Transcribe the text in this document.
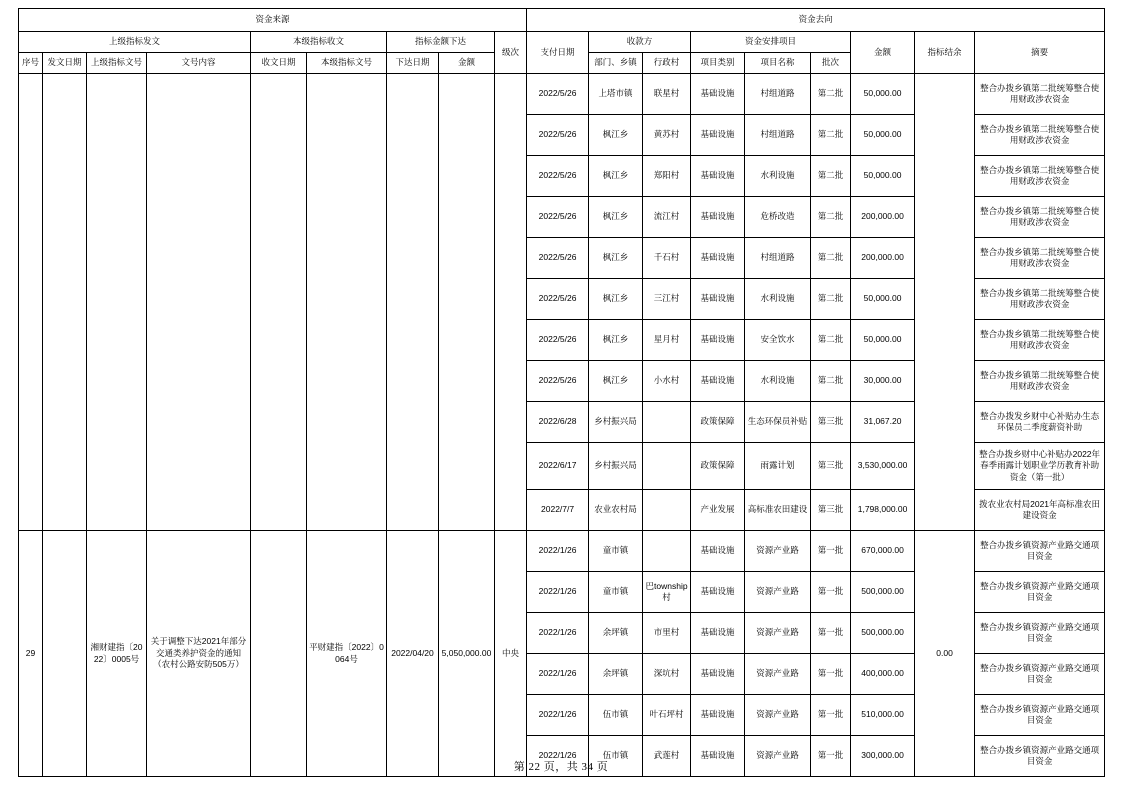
资金来源									资金去向								
上级指标发文				本级指标收文		指标金额下达		级次	支付日期	收款方		资金安排项目			金额	指标结余	摘要
序号	发文日期	上级指标文号	文号内容	收文日期	本级指标文号	下达日期	金额			部门、乡镇	行政村	项目类别	项目名称	批次			
									2022/5/26	上塔市镇	联星村	基础设施	村组道路	第二批	50,000.00		整合办拨乡镇第二批统筹整合使用财政涉农资金
									2022/5/26	枫江乡	黄苏村	基础设施	村组道路	第二批	50,000.00		整合办拨乡镇第二批统筹整合使用财政涉农资金
									2022/5/26	枫江乡	郑阳村	基础设施	水利设施	第二批	50,000.00		整合办拨乡镇第二批统筹整合使用财政涉农资金
									2022/5/26	枫江乡	流江村	基础设施	危桥改造	第二批	200,000.00		整合办拨乡镇第二批统筹整合使用财政涉农资金
									2022/5/26	枫江乡	千石村	基础设施	村组道路	第二批	200,000.00		整合办拨乡镇第二批统筹整合使用财政涉农资金
									2022/5/26	枫江乡	三江村	基础设施	水利设施	第二批	50,000.00		整合办拨乡镇第二批统筹整合使用财政涉农资金
									2022/5/26	枫江乡	星月村	基础设施	安全饮水	第二批	50,000.00		整合办拨乡镇第二批统筹整合使用财政涉农资金
									2022/5/26	枫江乡	小水村	基础设施	水利设施	第二批	30,000.00		整合办拨乡镇第二批统筹整合使用财政涉农资金
									2022/6/28	乡村振兴局		政策保障	生态环保员补贴	第三批	31,067.20		整合办拨发乡财中心补贴办生态环保员二季度薪资补助
									2022/6/17	乡村振兴局		政策保障	雨露计划	第三批	3,530,000.00		整合办拨乡财中心补贴办2022年春季雨露计划职业学历教育补助资金（第一批）
									2022/7/7	农业农村局		产业发展	高标准农田建设	第三批	1,798,000.00		拨农业农村局2021年高标准农田建设资金
29		湘财建指〔2022〕0005号	关于调整下达2021年部分交通类养护资金的通知（农村公路安防505万）		平财建指〔2022〕0064号	2022/04/20	5,050,000.00	中央	2022/1/26	童市镇		基础设施	资源产业路	第一批	670,000.00	0.00	整合办拨乡镇资源产业路交通项目资金
									2022/1/26	童市镇	巴township村	基础设施	资源产业路	第一批	500,000.00		整合办拨乡镇资源产业路交通项目资金
									2022/1/26	余坪镇	市里村	基础设施	资源产业路	第一批	500,000.00		整合办拨乡镇资源产业路交通项目资金
									2022/1/26	余坪镇	深坑村	基础设施	资源产业路	第一批	400,000.00		整合办拨乡镇资源产业路交通项目资金
									2022/1/26	伍市镇	叶石坪村	基础设施	资源产业路	第一批	510,000.00		整合办拨乡镇资源产业路交通项目资金
									2022/1/26	伍市镇	武莲村	基础设施	资源产业路	第一批	300,000.00		整合办拨乡镇资源产业路交通项目资金
第 22 页，共 34 页
